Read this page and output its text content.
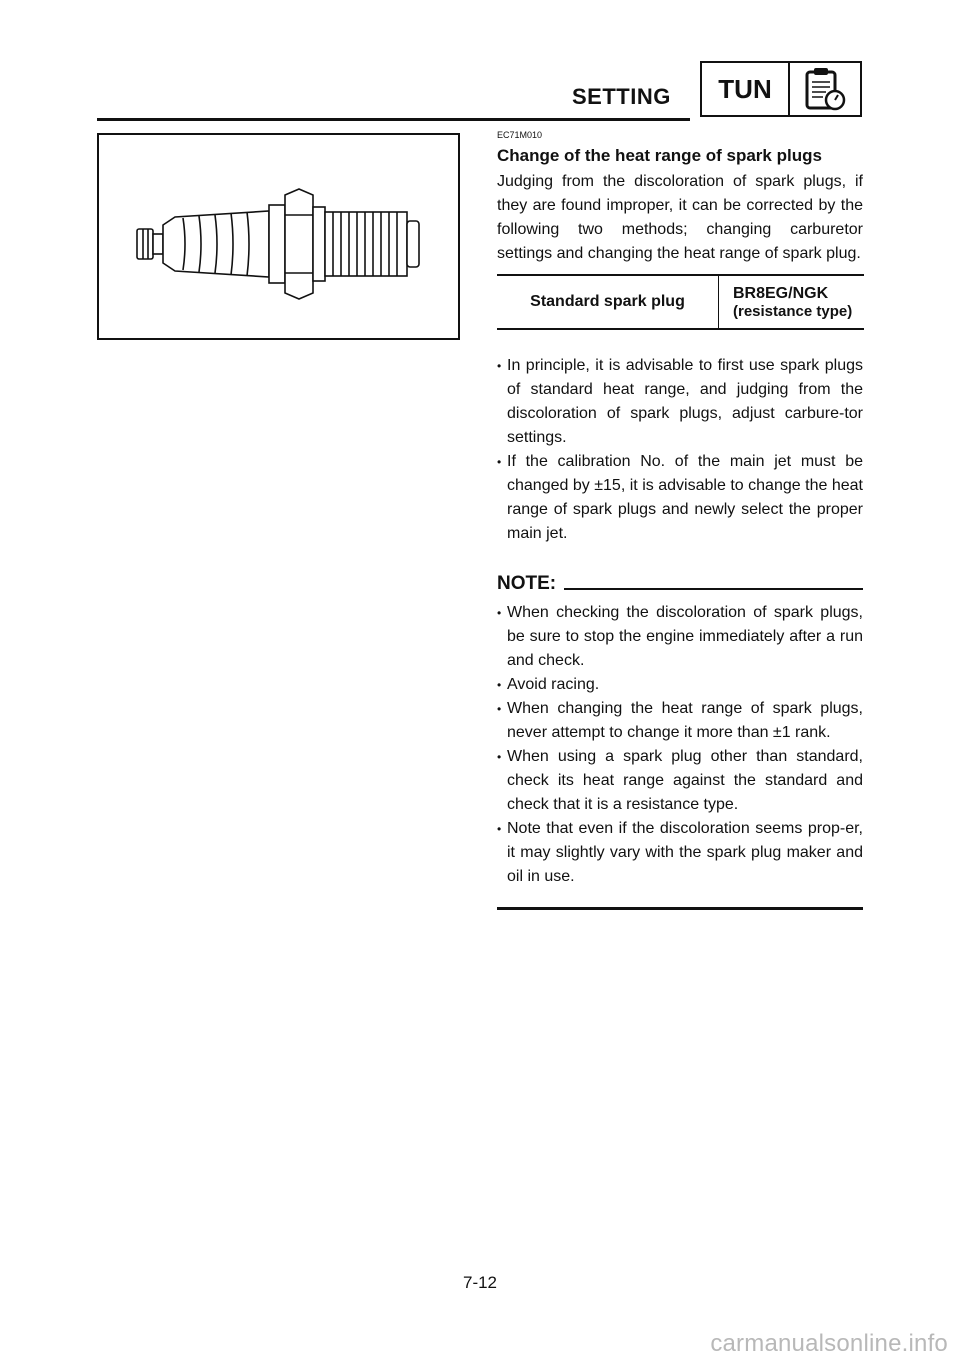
SETTING	TUN
EC71M010
Change of the heat range of spark plugs
Judging from the discoloration of spark plugs, if they are found improper, it can be corrected by the following two methods; changing carburetor settings and changing the heat range of spark plug.
Standard spark plug	BR8EG/NGK
(resistance type)
• In principle, it is advisable to first use spark plugs of standard heat range, and judging from the discoloration of spark plugs, adjust carbure-tor settings.
• If the calibration No. of the main jet must be changed by ±15, it is advisable to change the heat range of spark plugs and newly select the proper main jet.
NOTE:
• When checking the discoloration of spark plugs, be sure to stop the engine immediately after a run and check.
• Avoid racing.
• When changing the heat range of spark plugs, never attempt to change it more than ±1 rank.
• When using a spark plug other than standard, check its heat range against the standard and check that it is a resistance type.
• Note that even if the discoloration seems prop-er, it may slightly vary with the spark plug maker and oil in use.
7-12
carmanualsonline.info
